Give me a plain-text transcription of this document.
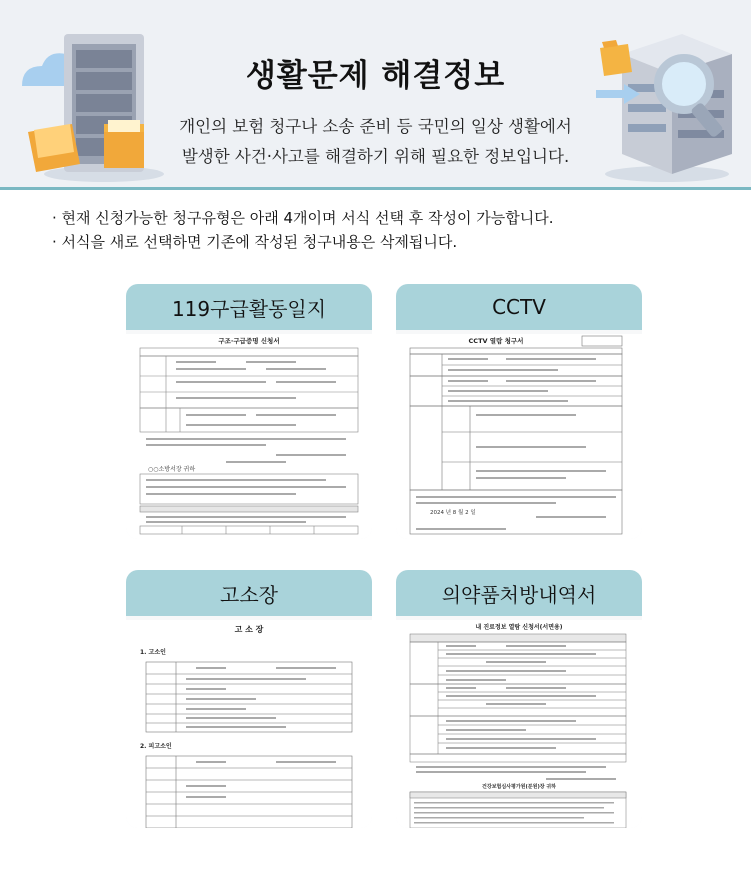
생활문제 해결정보
개인의 보험 청구나 소송 준비 등 국민의 일상 생활에서
발생한 사건·사고를 해결하기 위해 필요한 정보입니다.
· 현재 신청가능한 청구유형은 아래 4개이며 서식 선택 후 작성이 가능합니다.
· 서식을 새로 선택하면 기존에 작성된 청구내용은 삭제됩니다.
119구급활동일지
구조·구급증명 신청서
○○소방서장 귀하
CCTV
CCTV 열람 청구서
2024 년 8 월 2 일
고소장
고 소 장
1. 고소인
2. 피고소인
의약품처방내역서
내 진료정보 열람 신청서(서면용)
건강보험심사평가원(분원)장 귀하
